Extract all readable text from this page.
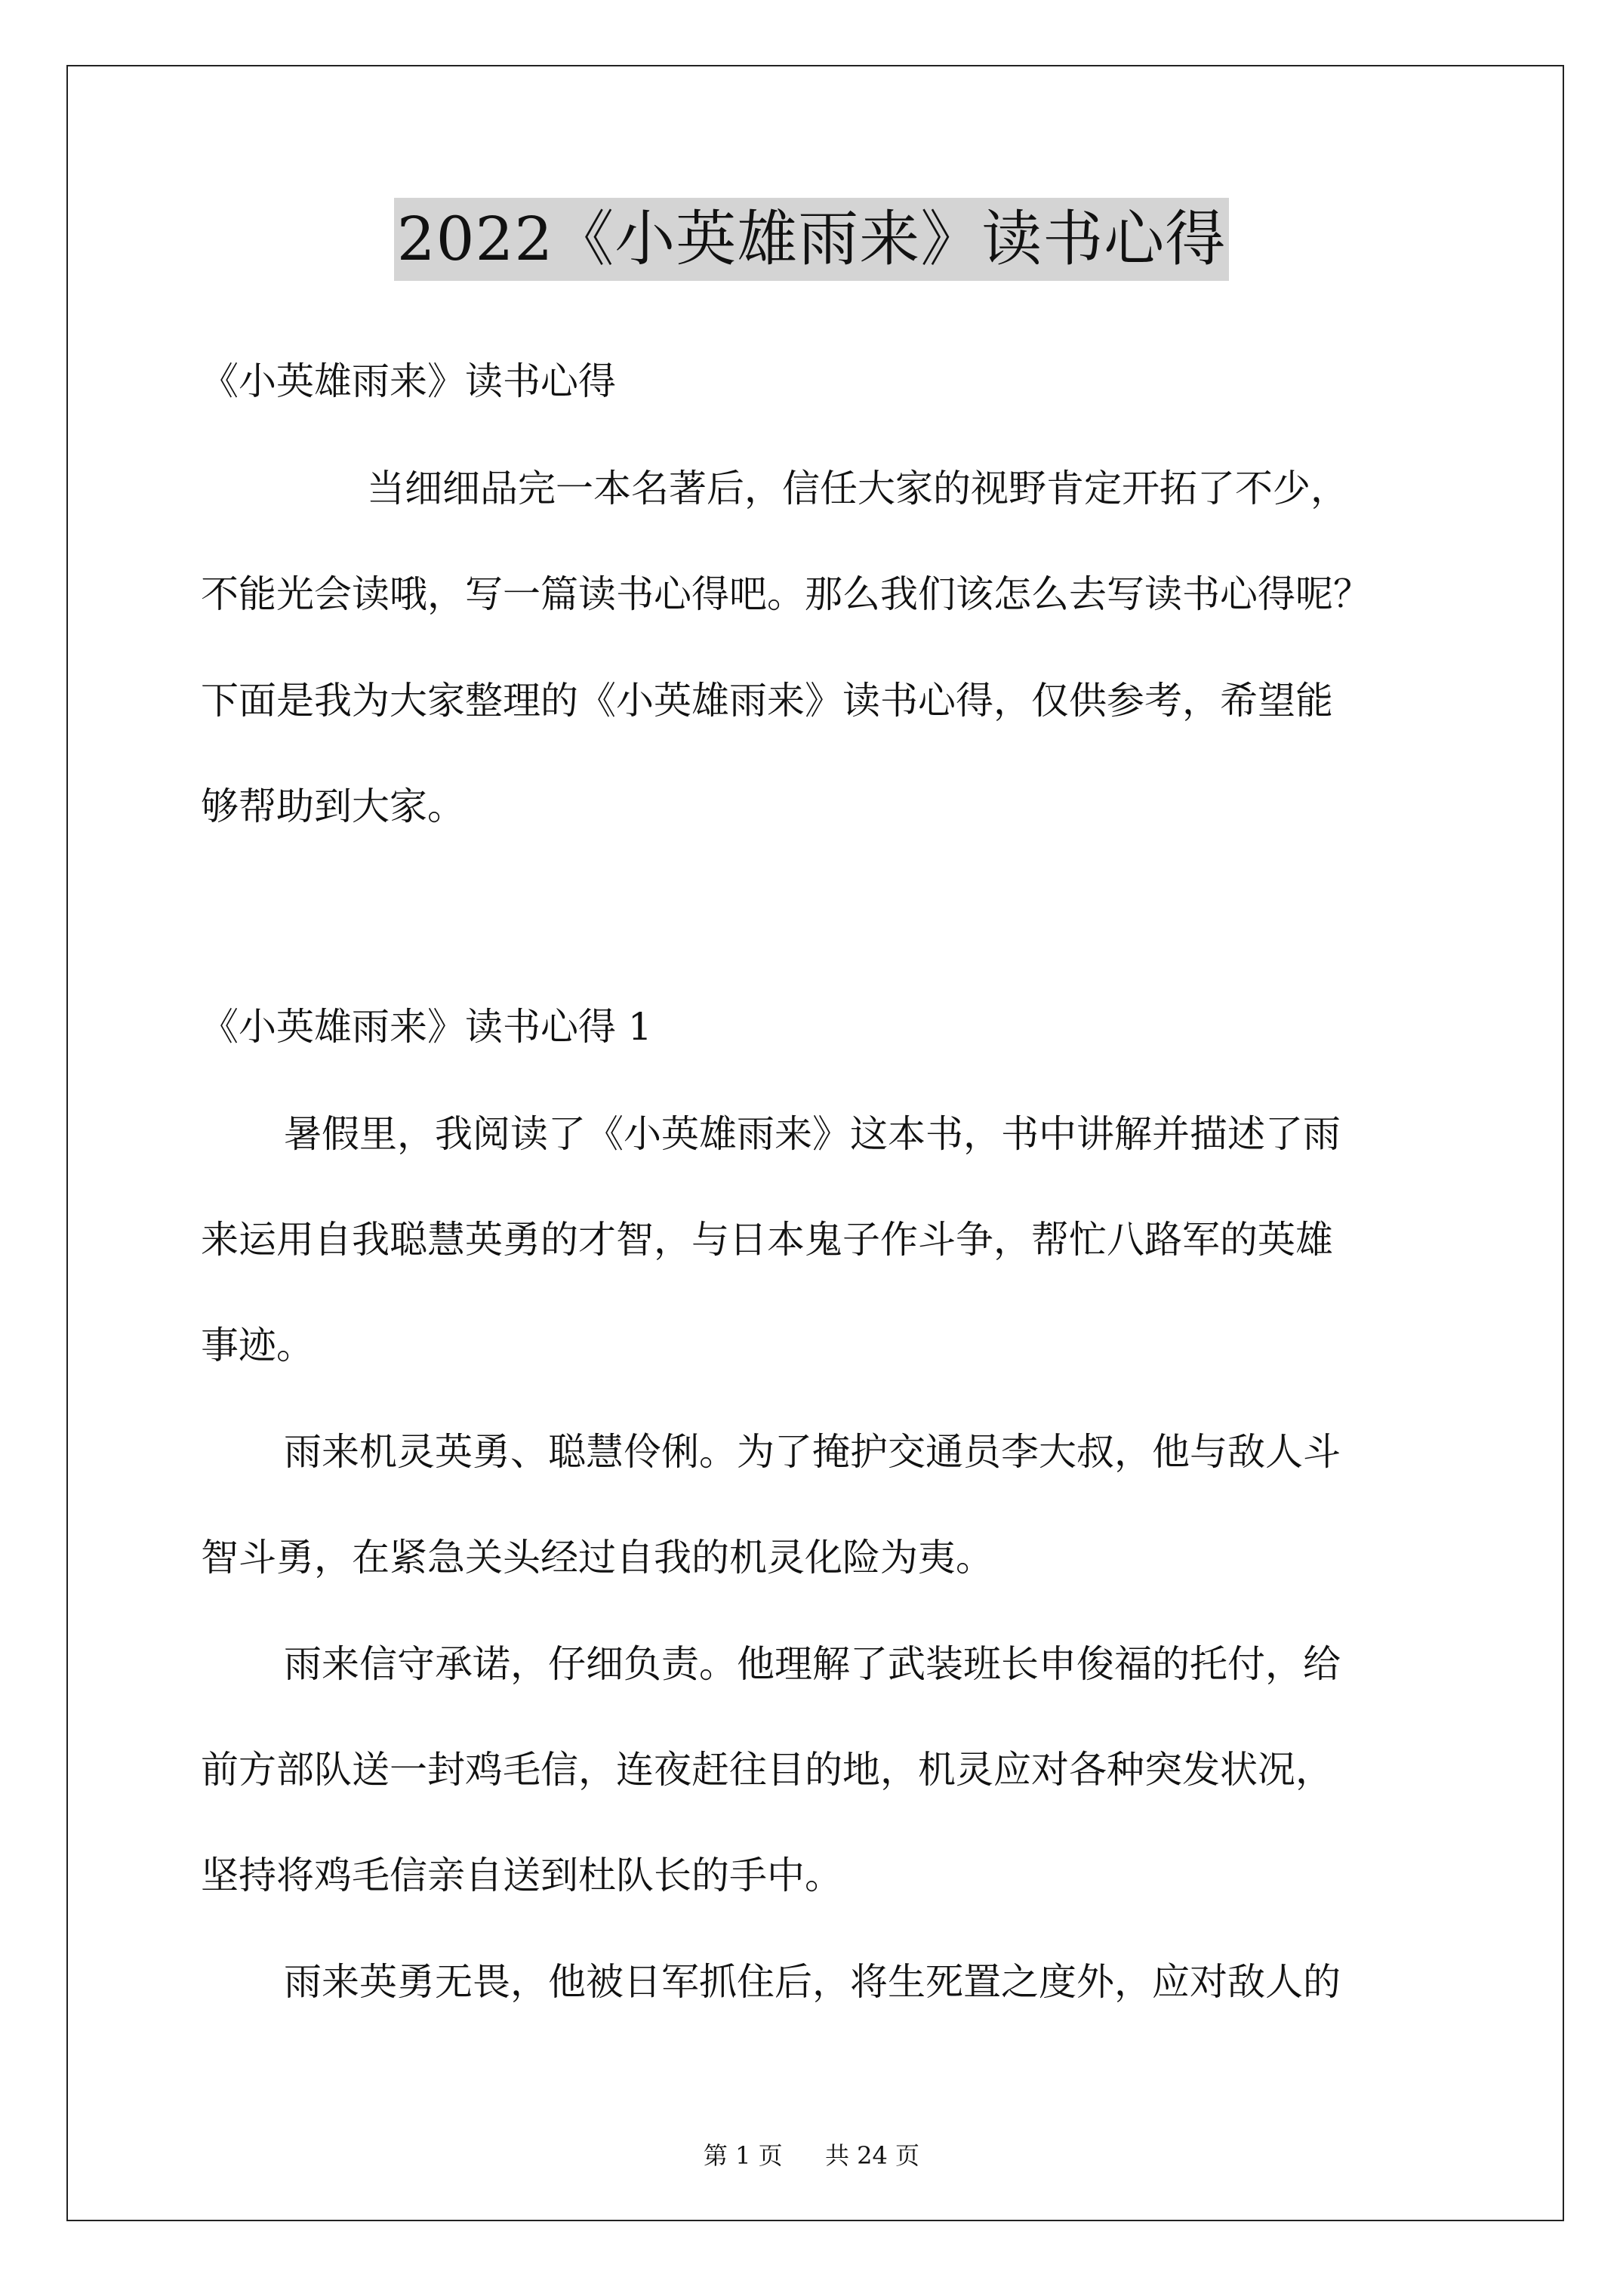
2022《小英雄雨来》读书心得
《小英雄雨来》读书心得
当细细品完一本名著后，信任大家的视野肯定开拓了不少，
不能光会读哦，写一篇读书心得吧。那么我们该怎么去写读书心得呢？
下面是我为大家整理的《小英雄雨来》读书心得，仅供参考，希望能
够帮助到大家。
《小英雄雨来》读书心得 1
暑假里，我阅读了《小英雄雨来》这本书，书中讲解并描述了雨
来运用自我聪慧英勇的才智，与日本鬼子作斗争，帮忙八路军的英雄
事迹。
雨来机灵英勇、聪慧伶俐。为了掩护交通员李大叔，他与敌人斗
智斗勇，在紧急关头经过自我的机灵化险为夷。
雨来信守承诺，仔细负责。他理解了武装班长申俊福的托付，给
前方部队送一封鸡毛信，连夜赶往目的地，机灵应对各种突发状况，
坚持将鸡毛信亲自送到杜队长的手中。
雨来英勇无畏，他被日军抓住后，将生死置之度外，应对敌人的
第 1 页 共 24 页
